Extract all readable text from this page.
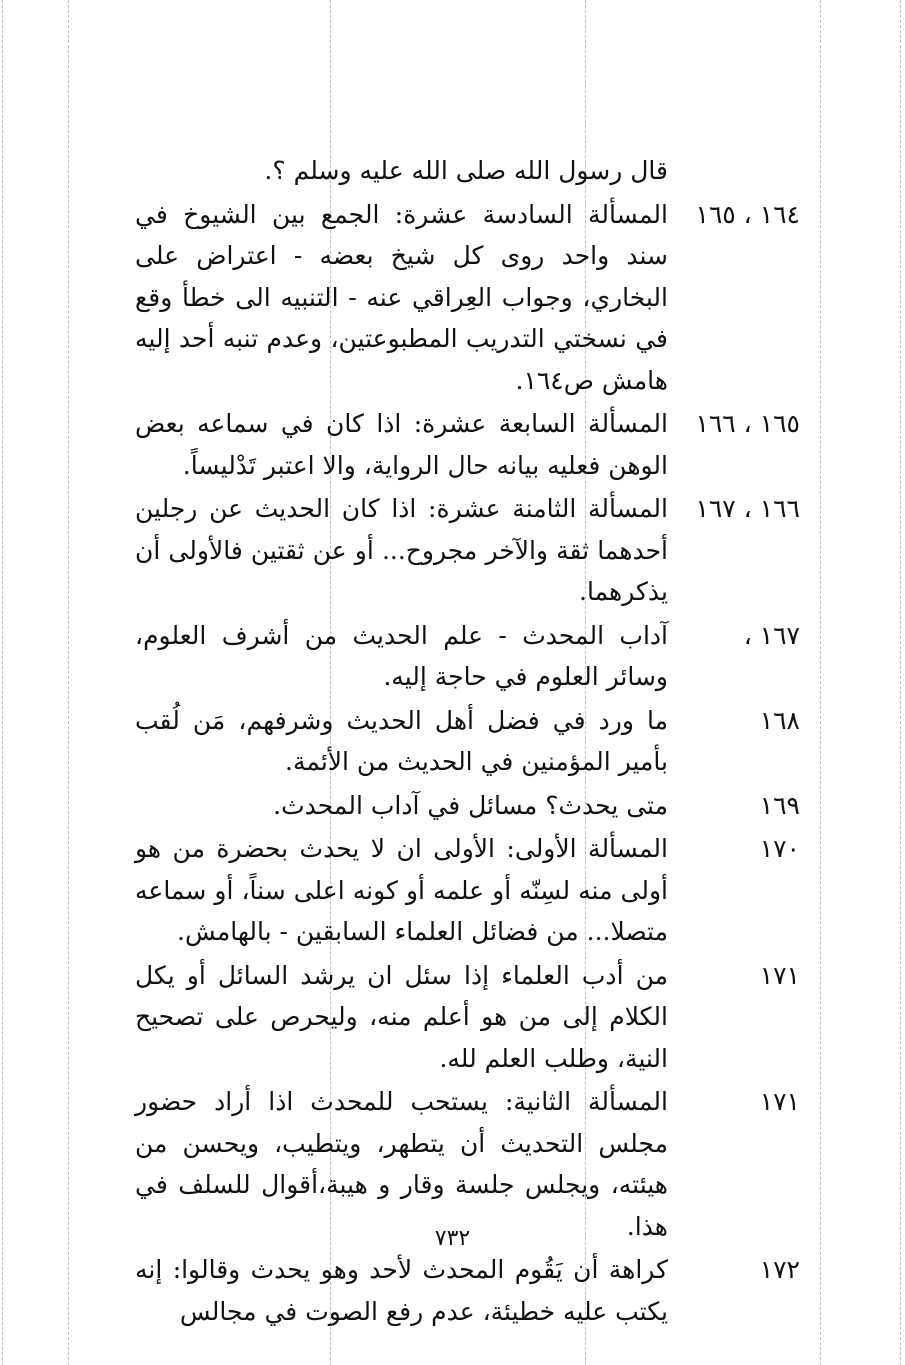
قال رسول الله صلى الله عليه وسلم ؟.
١٦٤ ، ١٦٥
المسألة السادسة عشرة: الجمع بين الشيوخ في سند واحد روى كل شيخ بعضه - اعتراض على البخاري، وجواب العِراقي عنه - التنبيه الى خطأ وقع في نسختي التدريب المطبوعتين، وعدم تنبه أحد إليه هامش ص١٦٤.
١٦٥ ، ١٦٦
المسألة السابعة عشرة: اذا كان في سماعه بعض الوهن فعليه بيانه حال الرواية، والا اعتبر تَدْليساً.
١٦٦ ، ١٦٧
المسألة الثامنة عشرة: اذا كان الحديث عن رجلين أحدهما ثقة والآخر مجروح... أو عن ثقتين فالأولى أن يذكرهما.
١٦٧ ،
آداب المحدث - علم الحديث من أشرف العلوم، وسائر العلوم في حاجة إليه.
١٦٨
ما ورد في فضل أهل الحديث وشرفهم، مَن لُقب بأمير المؤمنين في الحديث من الأئمة.
١٦٩
متى يحدث؟ مسائل في آداب المحدث.
١٧٠
المسألة الأولى: الأولى ان لا يحدث بحضرة من هو أولى منه لسِنّه أو علمه أو كونه اعلى سناً، أو سماعه متصلا... من فضائل العلماء السابقين - بالهامش.
١٧١
من أدب العلماء إذا سئل ان يرشد السائل أو يكل الكلام إلى من هو أعلم منه، وليحرص على تصحيح النية، وطلب العلم لله.
١٧١
المسألة الثانية: يستحب للمحدث اذا أراد حضور مجلس التحديث أن يتطهر، ويتطيب، ويحسن من هيئته، ويجلس جلسة وقار و هيبة،أقوال للسلف في هذا.
١٧٢
كراهة أن يَقُوم المحدث لأحد وهو يحدث وقالوا: إنه يكتب عليه خطيئة، عدم رفع الصوت في مجالس
٧٣٢
